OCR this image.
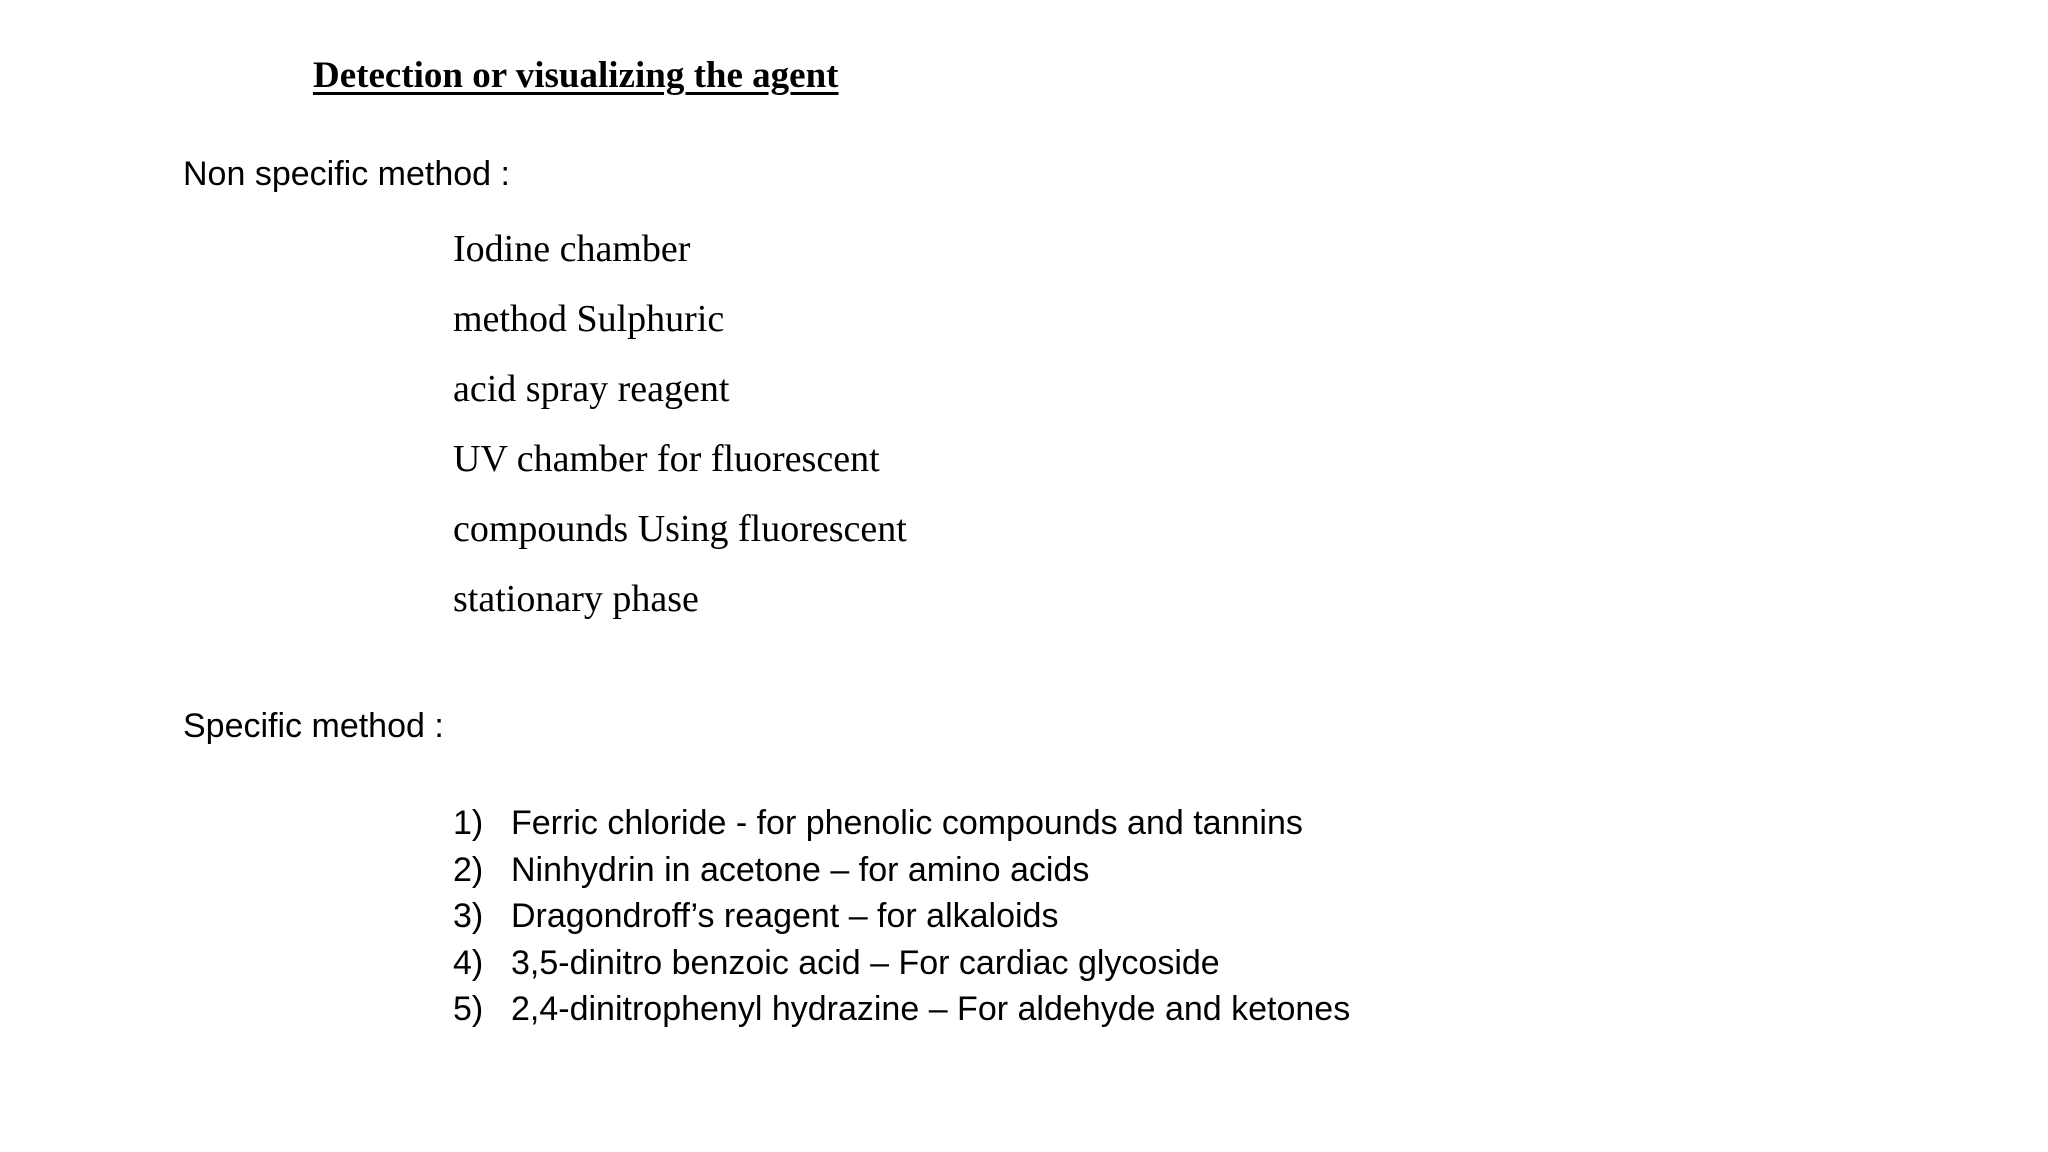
Detection or visualizing the agent
Non specific method :
Iodine chamber
method Sulphuric
acid spray reagent
UV chamber for fluorescent
compounds Using fluorescent
stationary phase
Specific method :
1) Ferric chloride - for phenolic compounds and tannins
2) Ninhydrin in acetone – for amino acids
3) Dragondroff’s reagent – for alkaloids
4) 3,5-dinitro benzoic acid – For cardiac glycoside
5) 2,4-dinitrophenyl hydrazine – For aldehyde and ketones
